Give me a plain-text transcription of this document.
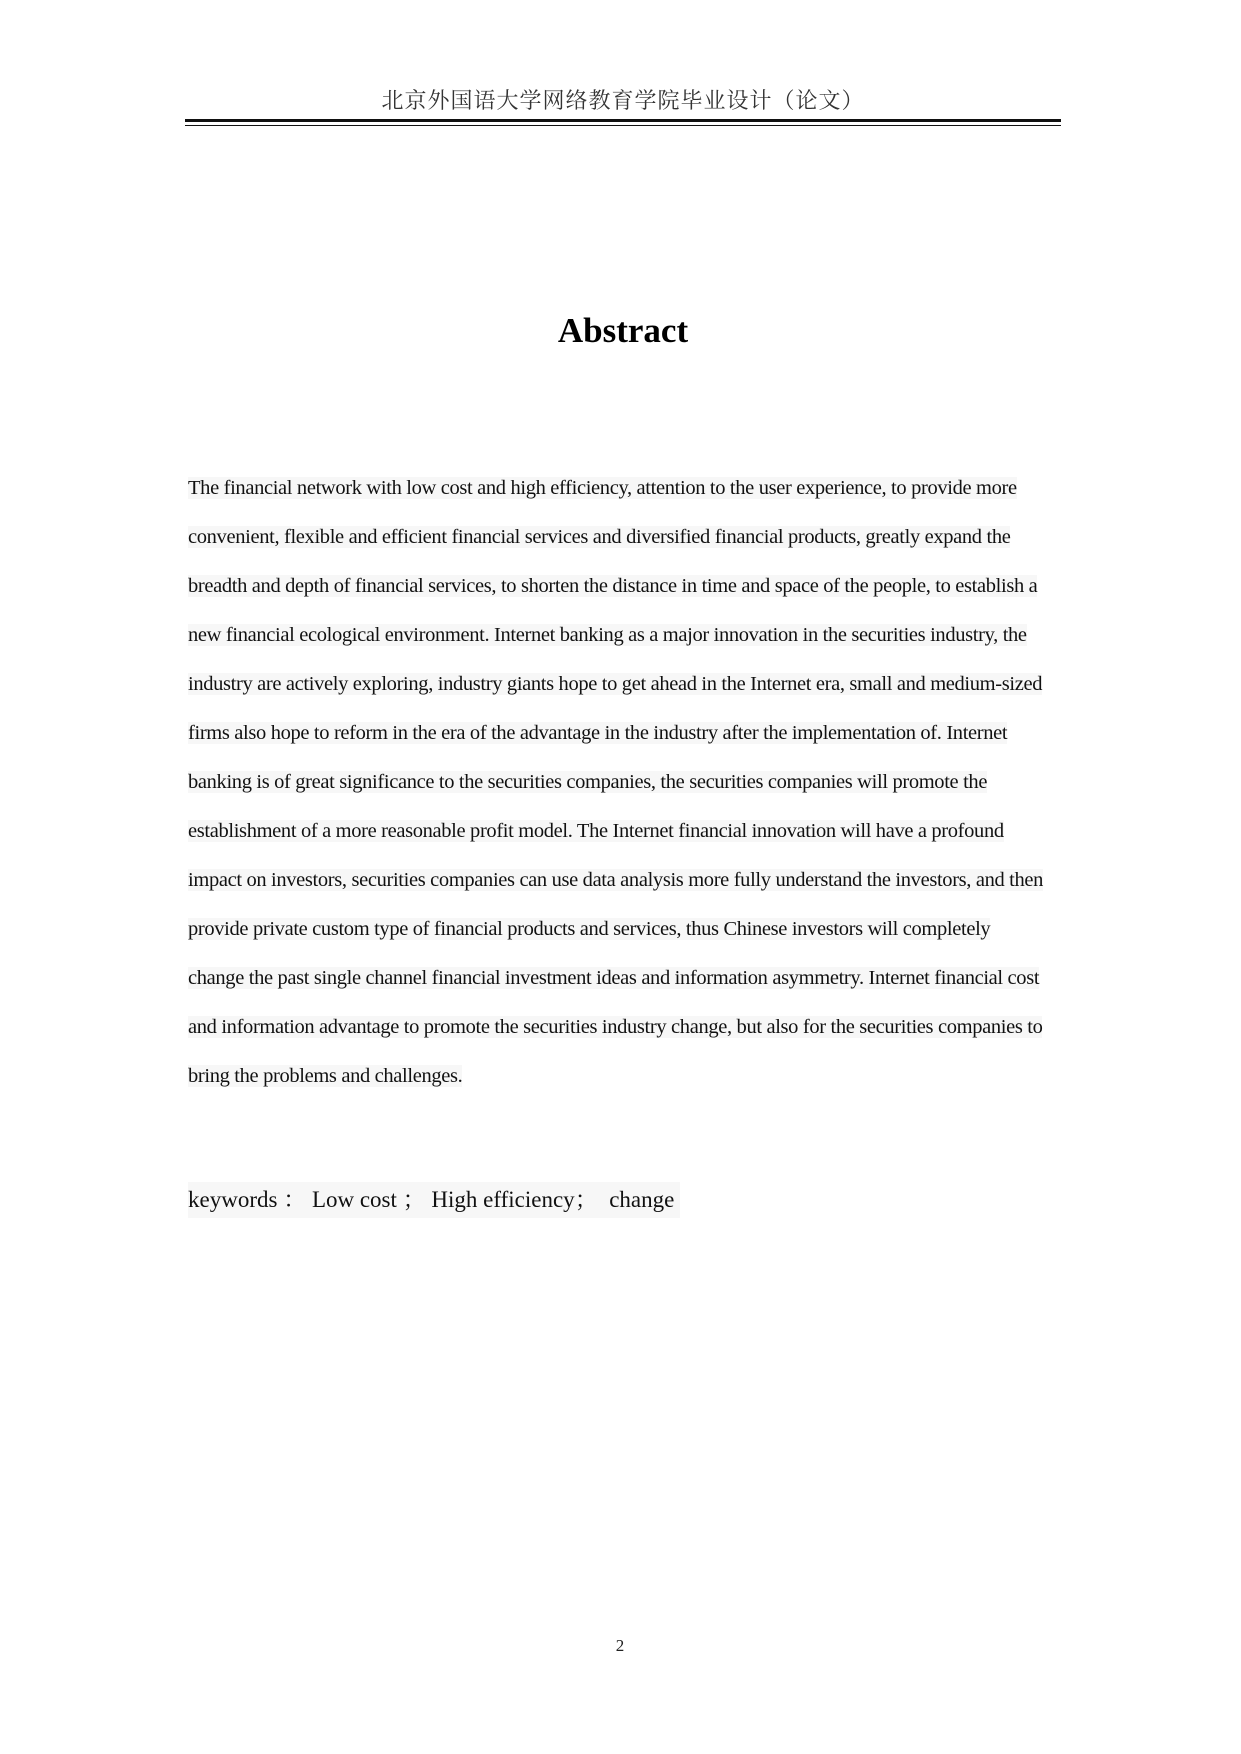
北京外国语大学网络教育学院毕业设计（论文）
Abstract
The financial network with low cost and high efficiency, attention to the user experience, to provide more
convenient, flexible and efficient financial services and diversified financial products, greatly expand the
breadth and depth of financial services, to shorten the distance in time and space of the people, to establish a
new financial ecological environment. Internet banking as a major innovation in the securities industry, the
industry are actively exploring, industry giants hope to get ahead in the Internet era, small and medium-sized
firms also hope to reform in the era of the advantage in the industry after the implementation of. Internet
banking is of great significance to the securities companies, the securities companies will promote the
establishment of a more reasonable profit model. The Internet financial innovation will have a profound
impact on investors, securities companies can use data analysis more fully understand the investors, and then
provide private custom type of financial products and services, thus Chinese investors will completely
change the past single channel financial investment ideas and information asymmetry. Internet financial cost
and information advantage to promote the securities industry change, but also for the securities companies to
bring the problems and challenges.
keywords ： Low cost ； High efficiency；  change
2
